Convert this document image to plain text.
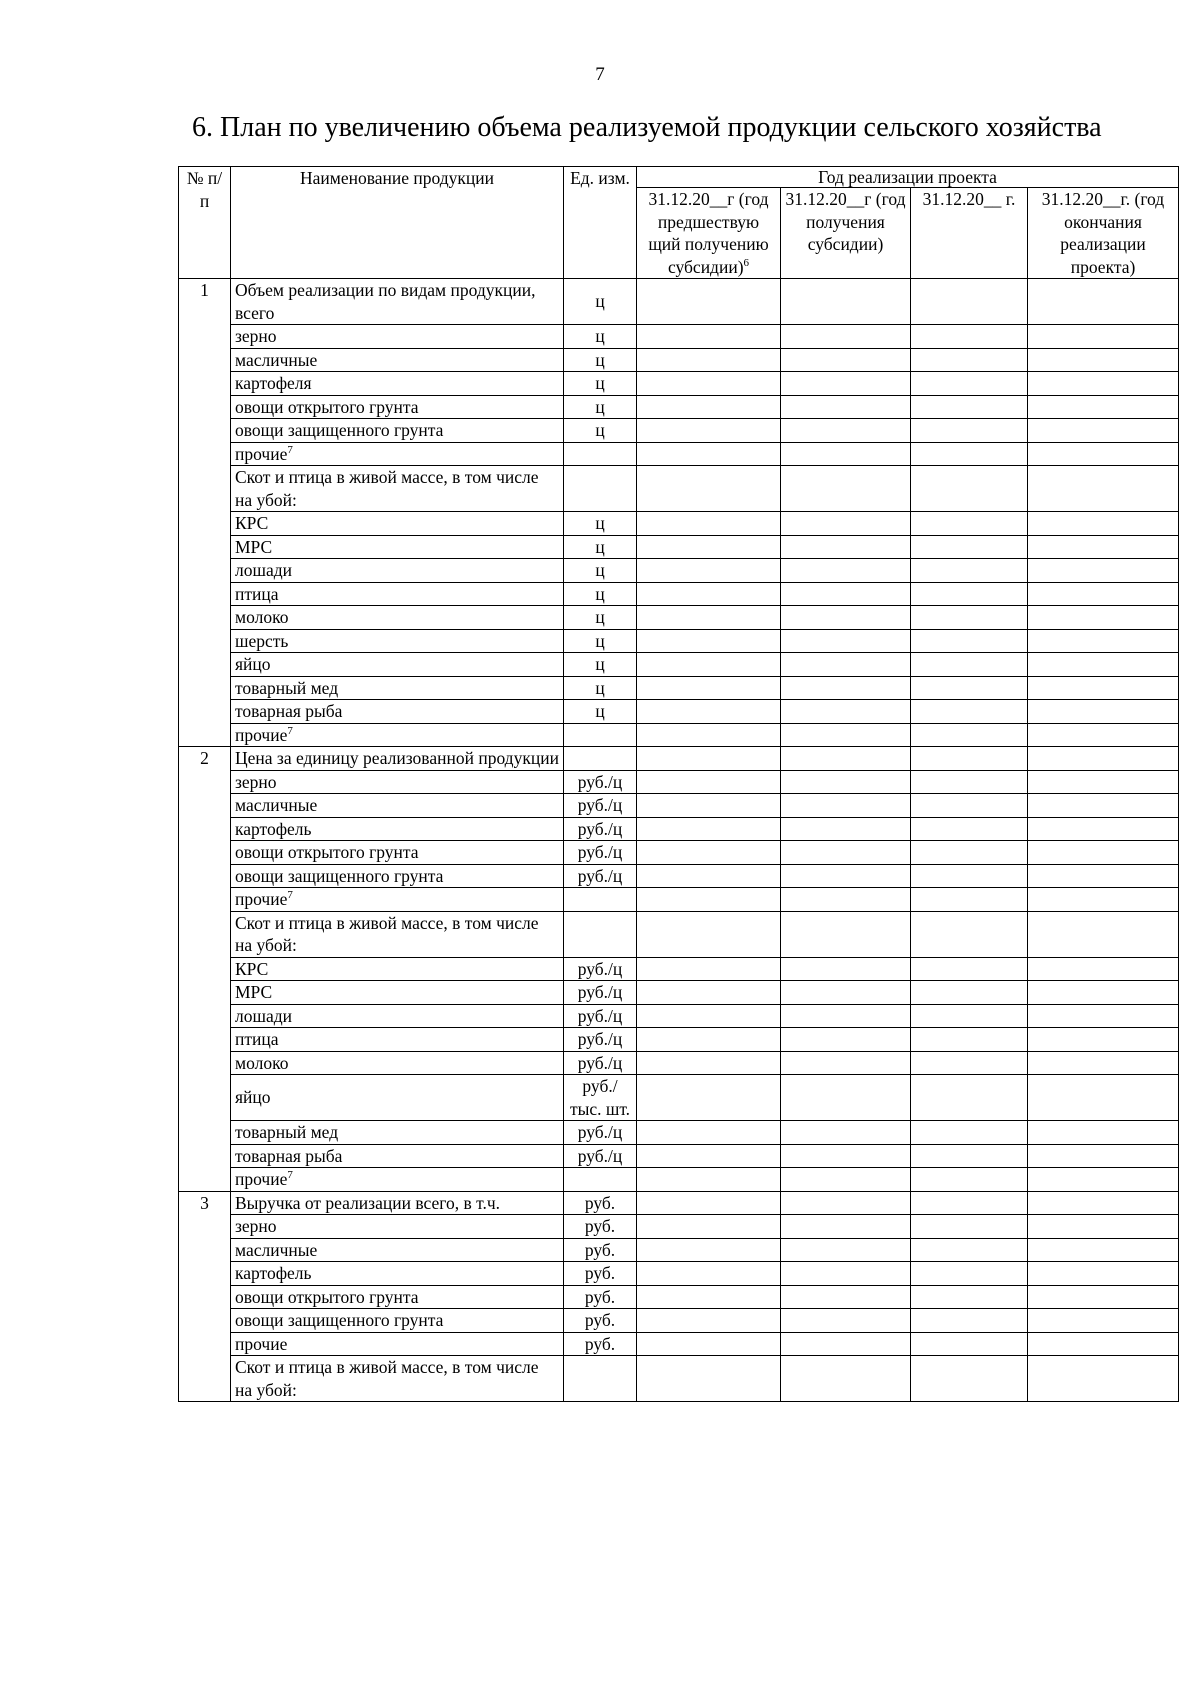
7
6. План по увеличению объема реализуемой продукции сельского хозяйства
№ п/п	Наименование продукции	Ед. изм.	Год реализации проекта			
			31.12.20__г (год предшествую щий получению субсидии)$^6$	31.12.20__г (год получения субсидии)	31.12.20__ г.	31.12.20__г. (год окончания реализации проекта)
1	Объем реализации по видам продукции, всего	ц				
	зерно	ц				
	масличные	ц				
	картофеля	ц				
	овощи открытого грунта	ц				
	овощи защищенного грунта	ц				
	прочие$^7$					
	Скот и птица в живой массе, в том числе на убой:					
	КРС	ц				
	МРС	ц				
	лошади	ц				
	птица	ц				
	молоко	ц				
	шерсть	ц				
	яйцо	ц				
	товарный мед	ц				
	товарная рыба	ц				
	прочие$^7$					
2	Цена за единицу реализованной продукции					
	зерно	руб./ц				
	масличные	руб./ц				
	картофель	руб./ц				
	овощи открытого грунта	руб./ц				
	овощи защищенного грунта	руб./ц				
	прочие$^7$					
	Скот и птица в живой массе, в том числе на убой:					
	КРС	руб./ц				
	МРС	руб./ц				
	лошади	руб./ц				
	птица	руб./ц				
	молоко	руб./ц				
	яйцо	руб./ тыс. шт.				
	товарный мед	руб./ц				
	товарная рыба	руб./ц				
	прочие$^7$					
3	Выручка от реализации всего, в т.ч.	руб.				
	зерно	руб.				
	масличные	руб.				
	картофель	руб.				
	овощи открытого грунта	руб.				
	овощи защищенного грунта	руб.				
	прочие	руб.				
	Скот и птица в живой массе, в том числе на убой:					
